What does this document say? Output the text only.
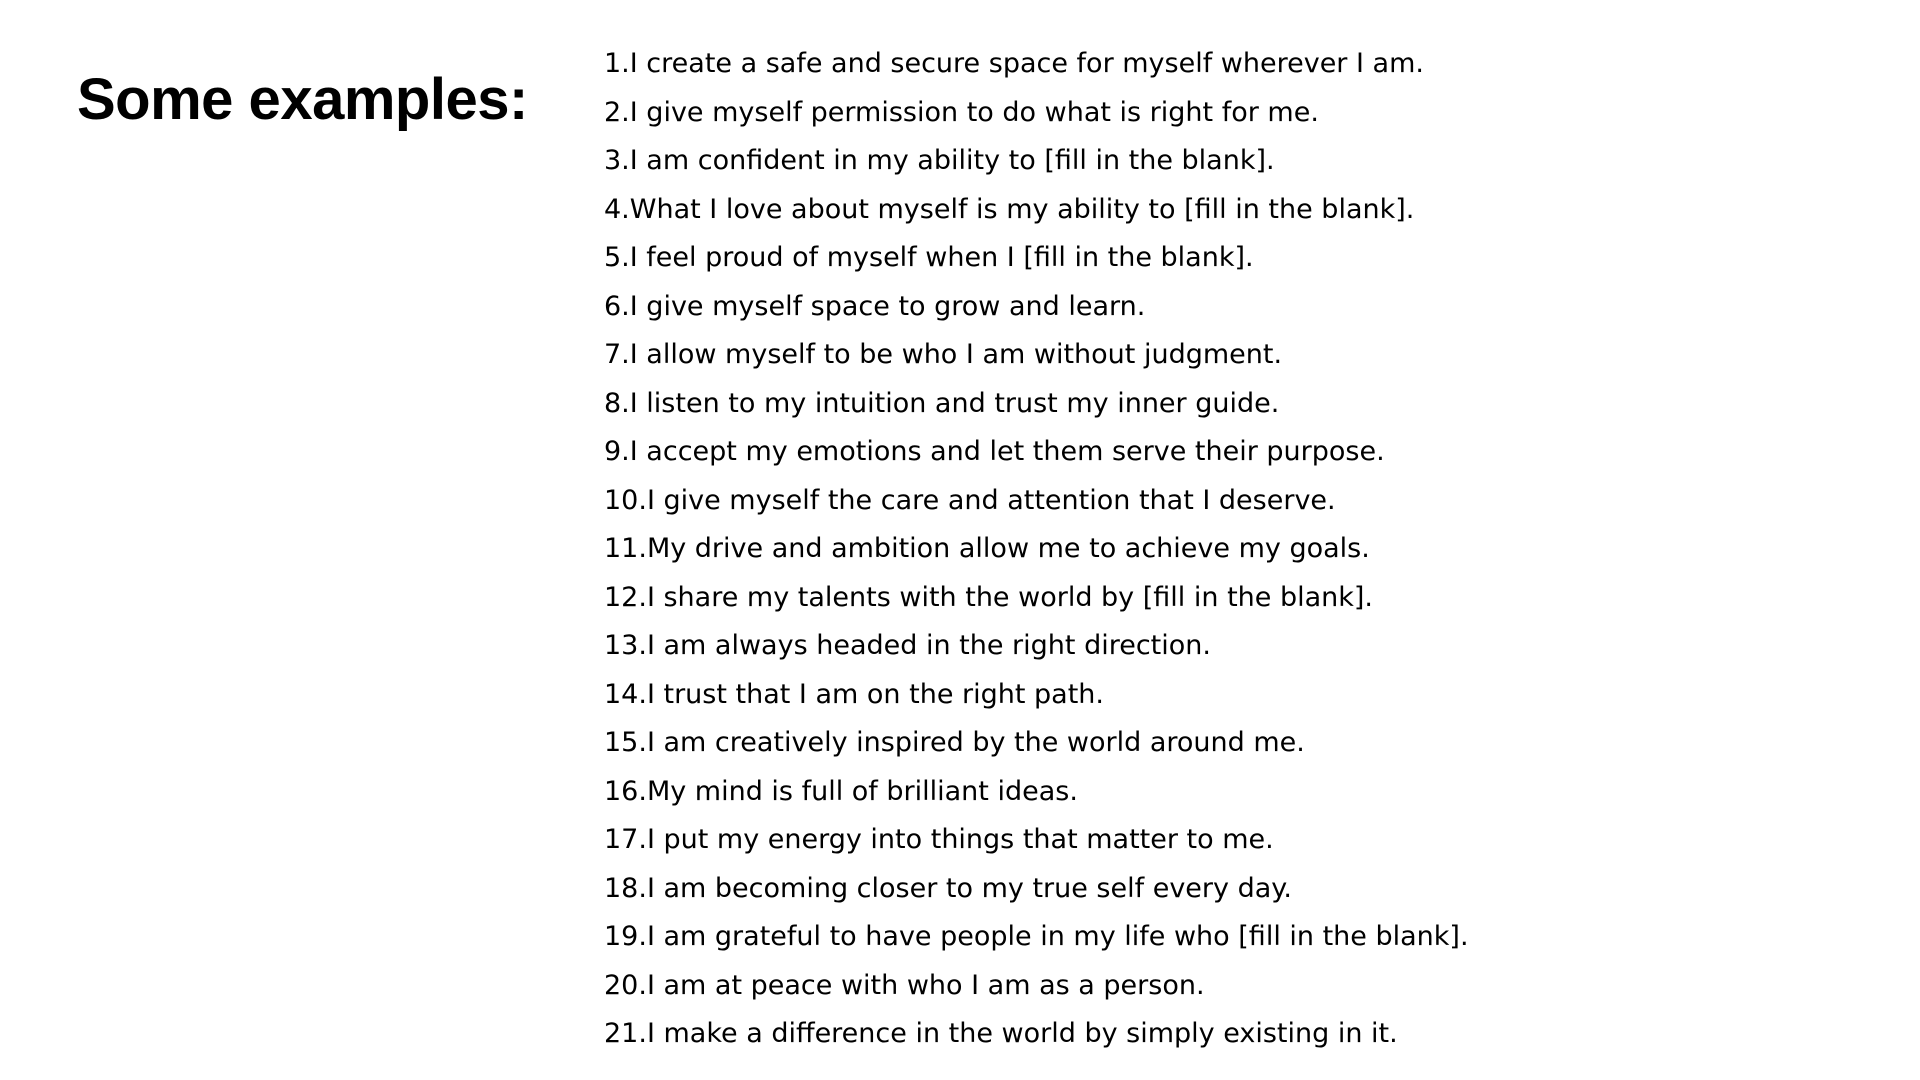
Some examples:
1.I create a safe and secure space for myself wherever I am.
2.I give myself permission to do what is right for me.
3.I am confident in my ability to [fill in the blank].
4.What I love about myself is my ability to [fill in the blank].
5.I feel proud of myself when I [fill in the blank].
6.I give myself space to grow and learn.
7.I allow myself to be who I am without judgment.
8.I listen to my intuition and trust my inner guide.
9.I accept my emotions and let them serve their purpose.
10.I give myself the care and attention that I deserve.
11.My drive and ambition allow me to achieve my goals.
12.I share my talents with the world by [fill in the blank].
13.I am always headed in the right direction.
14.I trust that I am on the right path.
15.I am creatively inspired by the world around me.
16.My mind is full of brilliant ideas.
17.I put my energy into things that matter to me.
18.I am becoming closer to my true self every day.
19.I am grateful to have people in my life who [fill in the blank].
20.I am at peace with who I am as a person.
21.I make a difference in the world by simply existing in it.
